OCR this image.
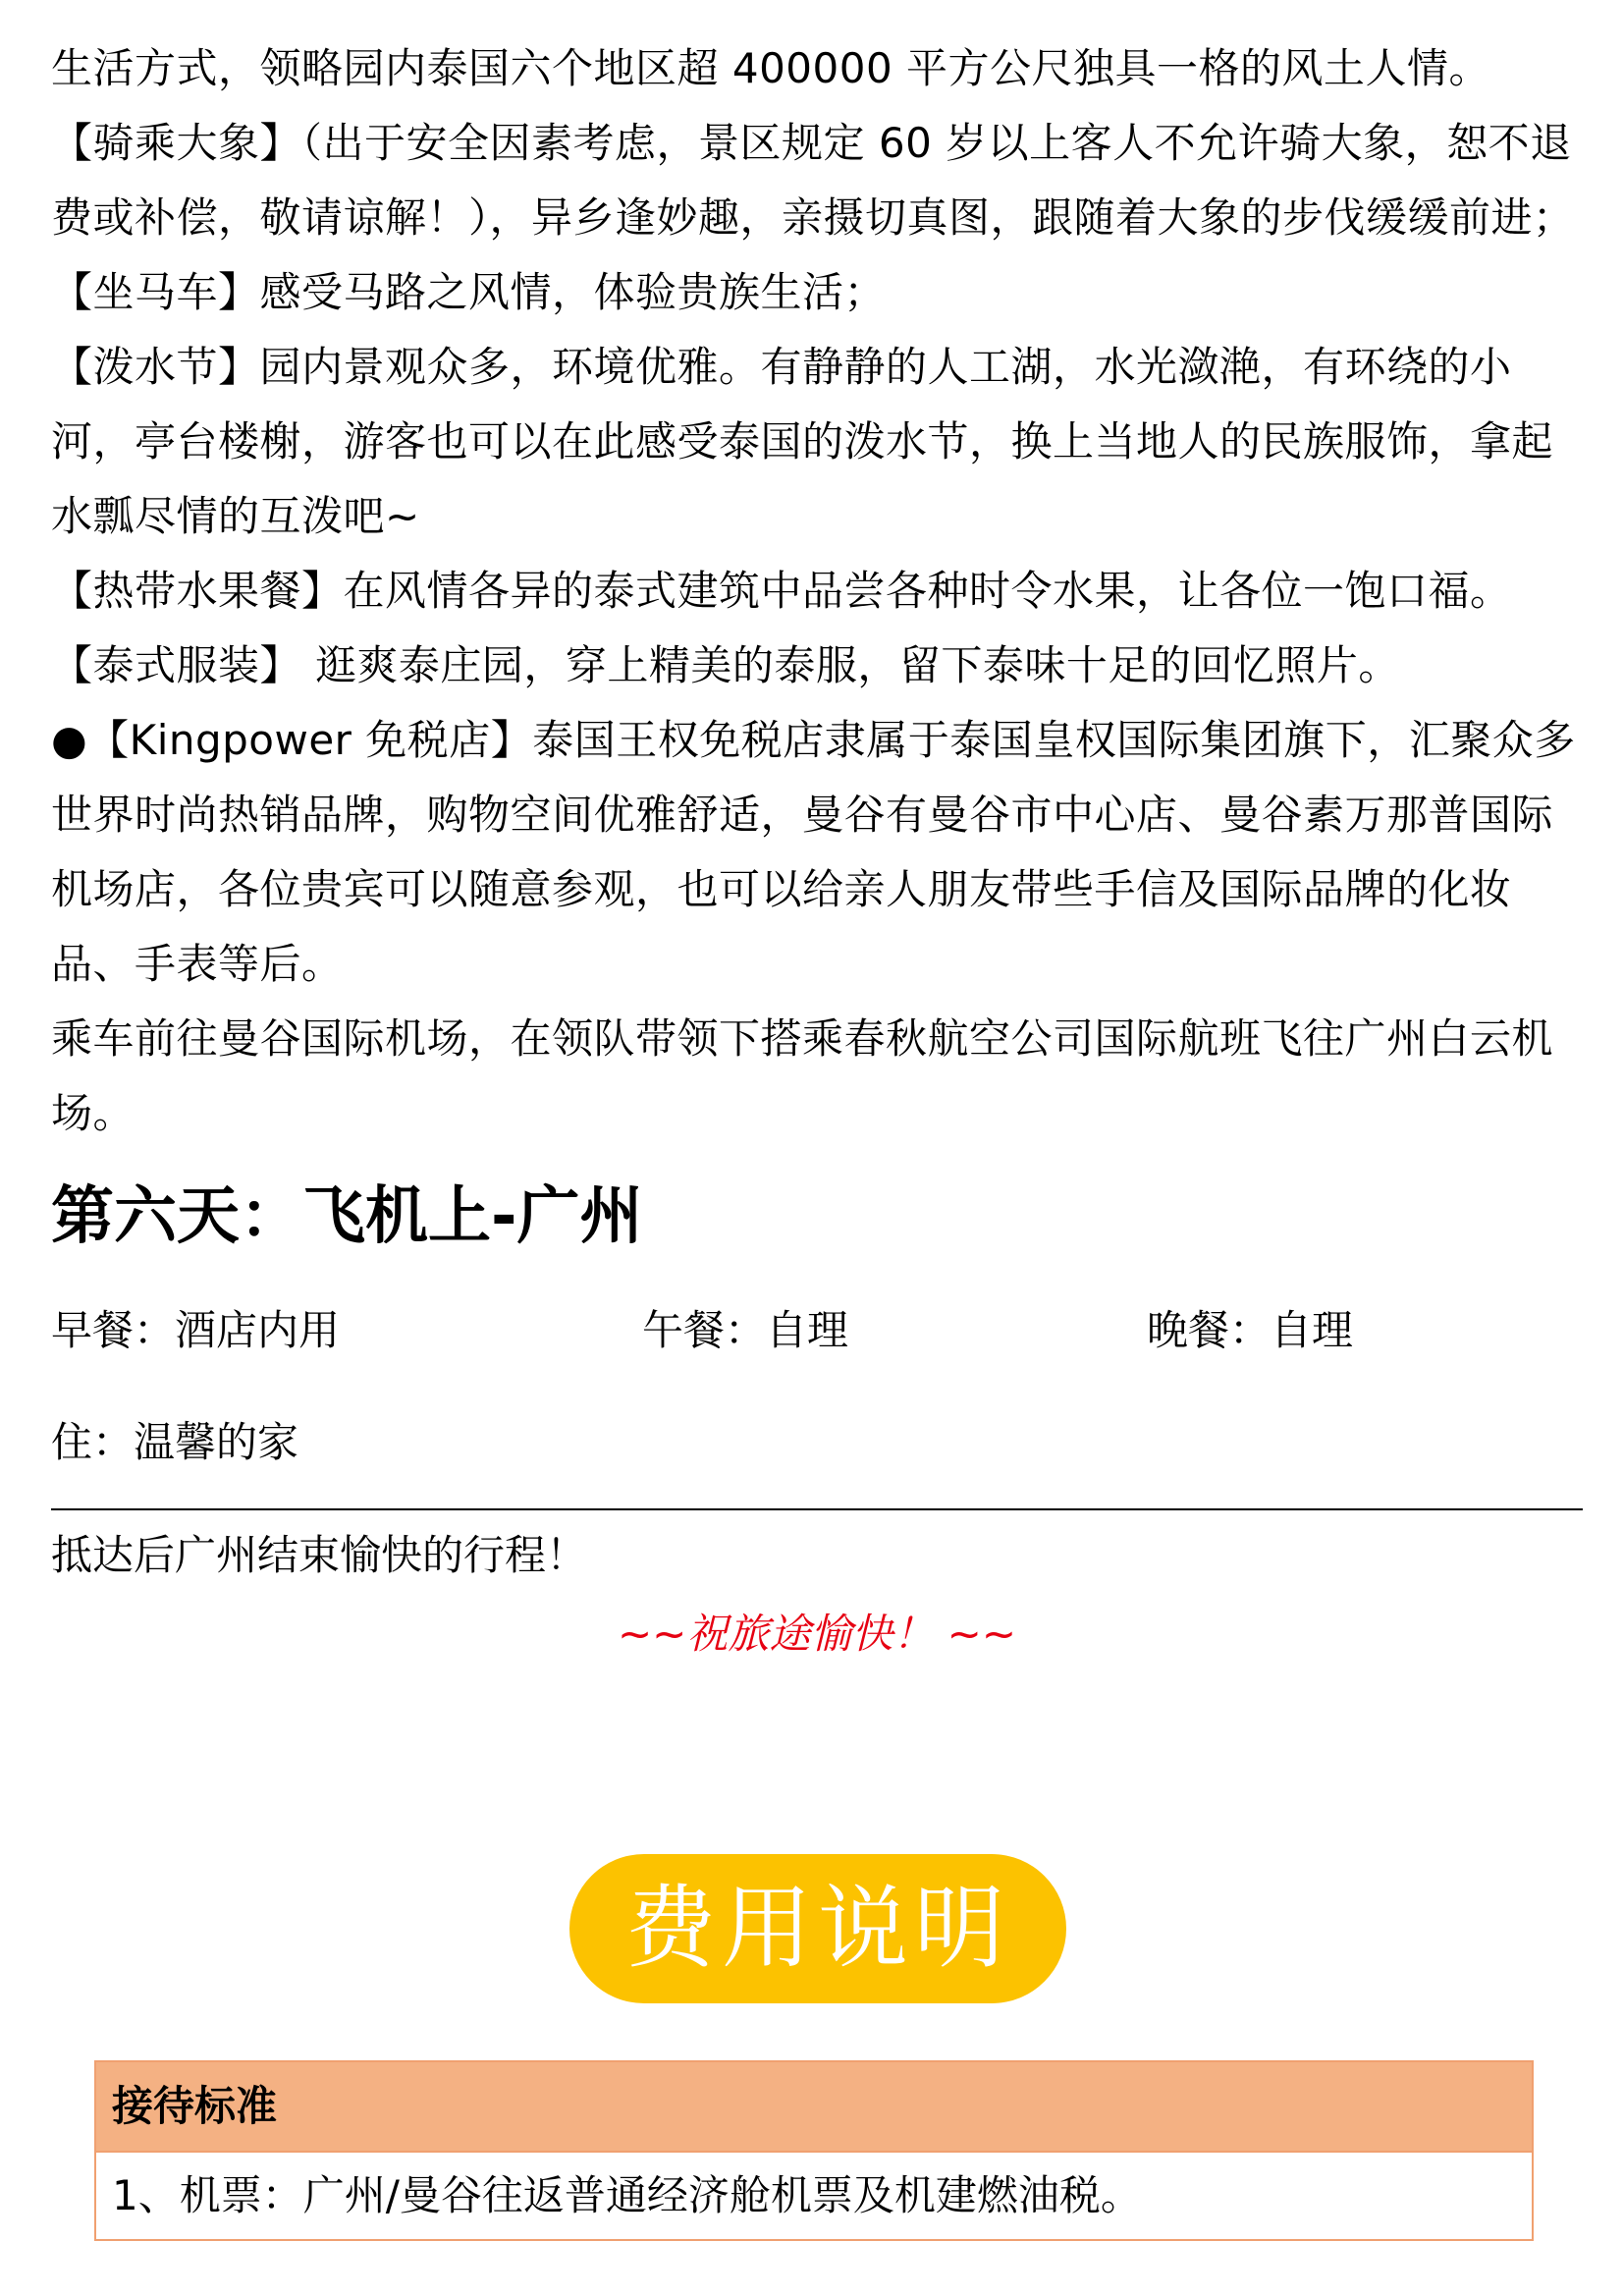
生活方式，领略园内泰国六个地区超 400000 平方公尺独具一格的风土人情。

【骑乘大象】（出于安全因素考虑，景区规定 60 岁以上客人不允许骑大象，恕不退费或补偿，敬请谅解！），异乡逢妙趣，亲摄切真图，跟随着大象的步伐缓缓前进；

【坐马车】感受马路之风情，体验贵族生活；

【泼水节】园内景观众多，环境优雅。有静静的人工湖，水光潋滟，有环绕的小河，亭台楼榭，游客也可以在此感受泰国的泼水节，换上当地人的民族服饰，拿起水瓢尽情的互泼吧~

【热带水果餐】在风情各异的泰式建筑中品尝各种时令水果，让各位一饱口福。

【泰式服装】 逛爽泰庄园，穿上精美的泰服，留下泰味十足的回忆照片。

●【Kingpower 免税店】泰国王权免税店隶属于泰国皇权国际集团旗下，汇聚众多世界时尚热销品牌，购物空间优雅舒适，曼谷有曼谷市中心店、曼谷素万那普国际机场店，各位贵宾可以随意参观，也可以给亲人朋友带些手信及国际品牌的化妆品、手表等后。

乘车前往曼谷国际机场，在领队带领下搭乘春秋航空公司国际航班飞往广州白云机场。

第六天：飞机上-广州
早餐：酒店内用	午餐：自理	晚餐：自理
住：温馨的家
抵达后广州结束愉快的行程！
~~祝旅途愉快！ ~~
费用说明
接待标准
1、机票：广州/曼谷往返普通经济舱机票及机建燃油税。
